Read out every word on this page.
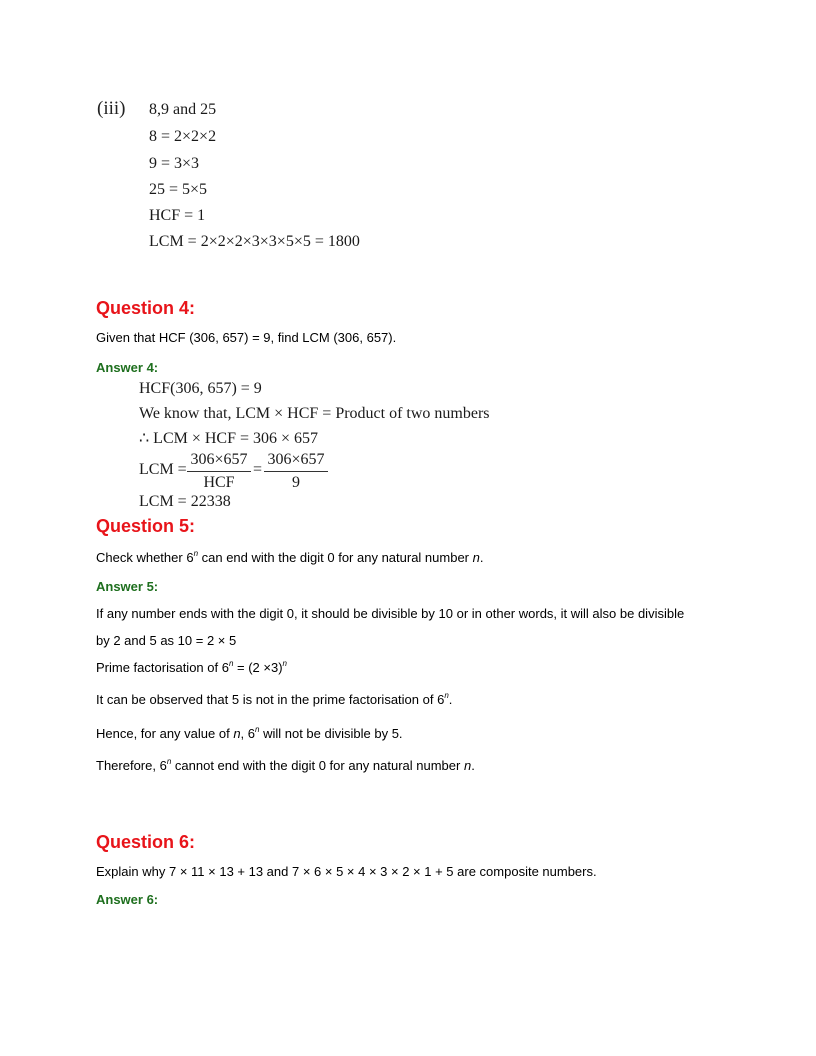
(iii) 8,9 and 25
8 = 2×2×2
9 = 3×3
25 = 5×5
HCF = 1
LCM = 2×2×2×3×3×5×5 = 1800
Question 4:
Given that HCF (306, 657) = 9, find LCM (306, 657).
Answer 4:
HCF(306, 657) = 9
We know that, LCM × HCF = Product of two numbers
∴ LCM × HCF = 306 × 657
LCM =
306×657
HCF
=
306×657
9
LCM = 22338
Question 5:
Check whether 6$^n$ can end with the digit 0 for any natural number n.
Answer 5:
If any number ends with the digit 0, it should be divisible by 10 or in other words, it will also be divisible
by 2 and 5 as 10 = 2 × 5
Prime factorisation of $6^n = (2 \times 3)^n$
It can be observed that 5 is not in the prime factorisation of 6$^n$.
Hence, for any value of n, 6$^n$ will not be divisible by 5.
Therefore, 6$^n$ cannot end with the digit 0 for any natural number n.
Question 6:
Explain why 7 × 11 × 13 + 13 and 7 × 6 × 5 × 4 × 3 × 2 × 1 + 5 are composite numbers.
Answer 6:
